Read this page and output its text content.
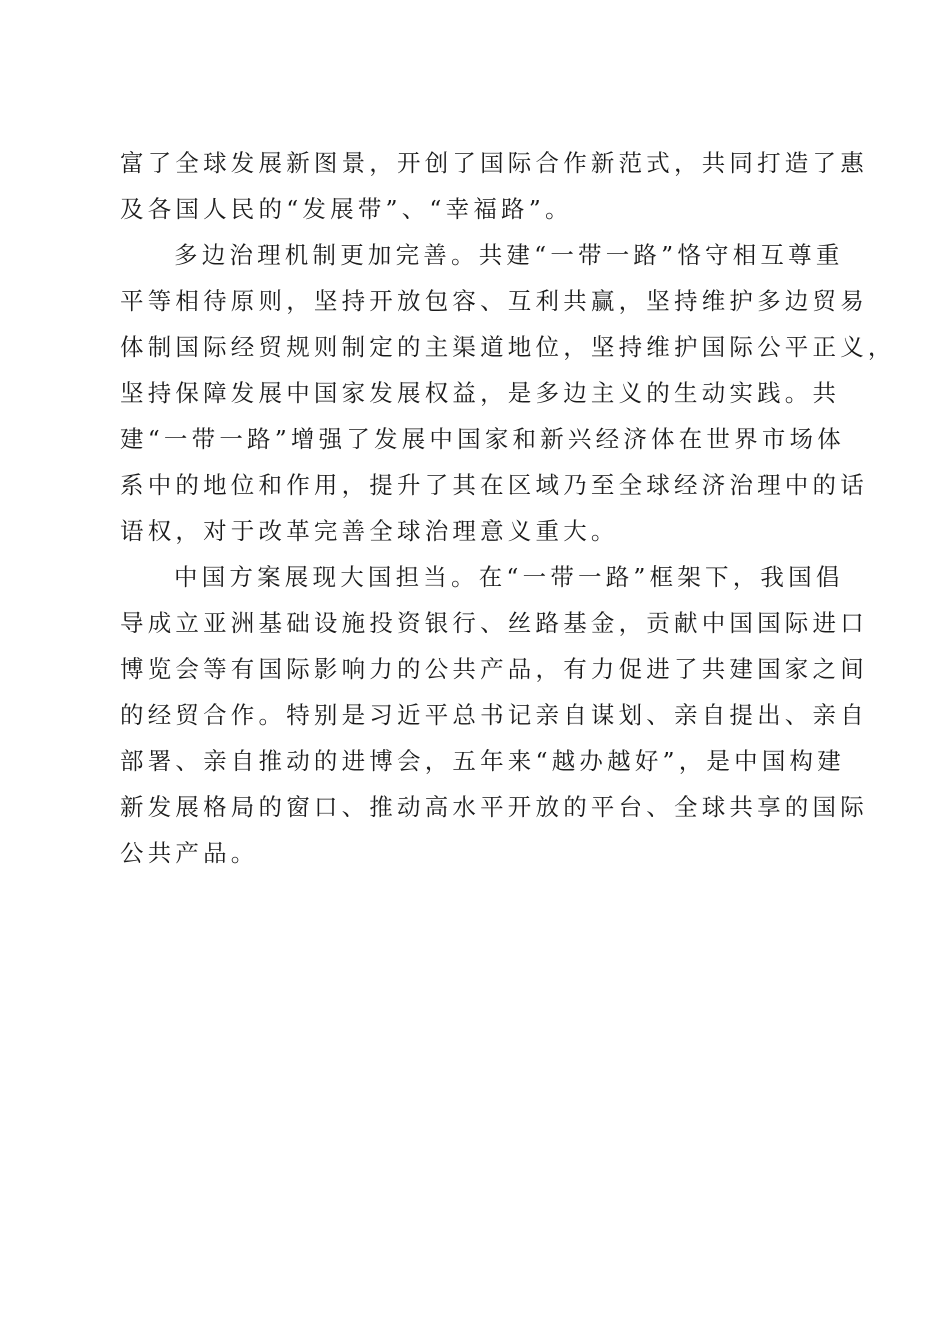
富了全球发展新图景，开创了国际合作新范式，共同打造了惠
及各国人民的“发展带”、“幸福路”。
多边治理机制更加完善。共建“一带一路”恪守相互尊重
平等相待原则，坚持开放包容、互利共赢，坚持维护多边贸易
体制国际经贸规则制定的主渠道地位，坚持维护国际公平正义，
坚持保障发展中国家发展权益，是多边主义的生动实践。共
建“一带一路”增强了发展中国家和新兴经济体在世界市场体
系中的地位和作用，提升了其在区域乃至全球经济治理中的话
语权，对于改革完善全球治理意义重大。
中国方案展现大国担当。在“一带一路”框架下，我国倡
导成立亚洲基础设施投资银行、丝路基金，贡献中国国际进口
博览会等有国际影响力的公共产品，有力促进了共建国家之间
的经贸合作。特别是习近平总书记亲自谋划、亲自提出、亲自
部署、亲自推动的进博会，五年来“越办越好”，是中国构建
新发展格局的窗口、推动高水平开放的平台、全球共享的国际
公共产品。
